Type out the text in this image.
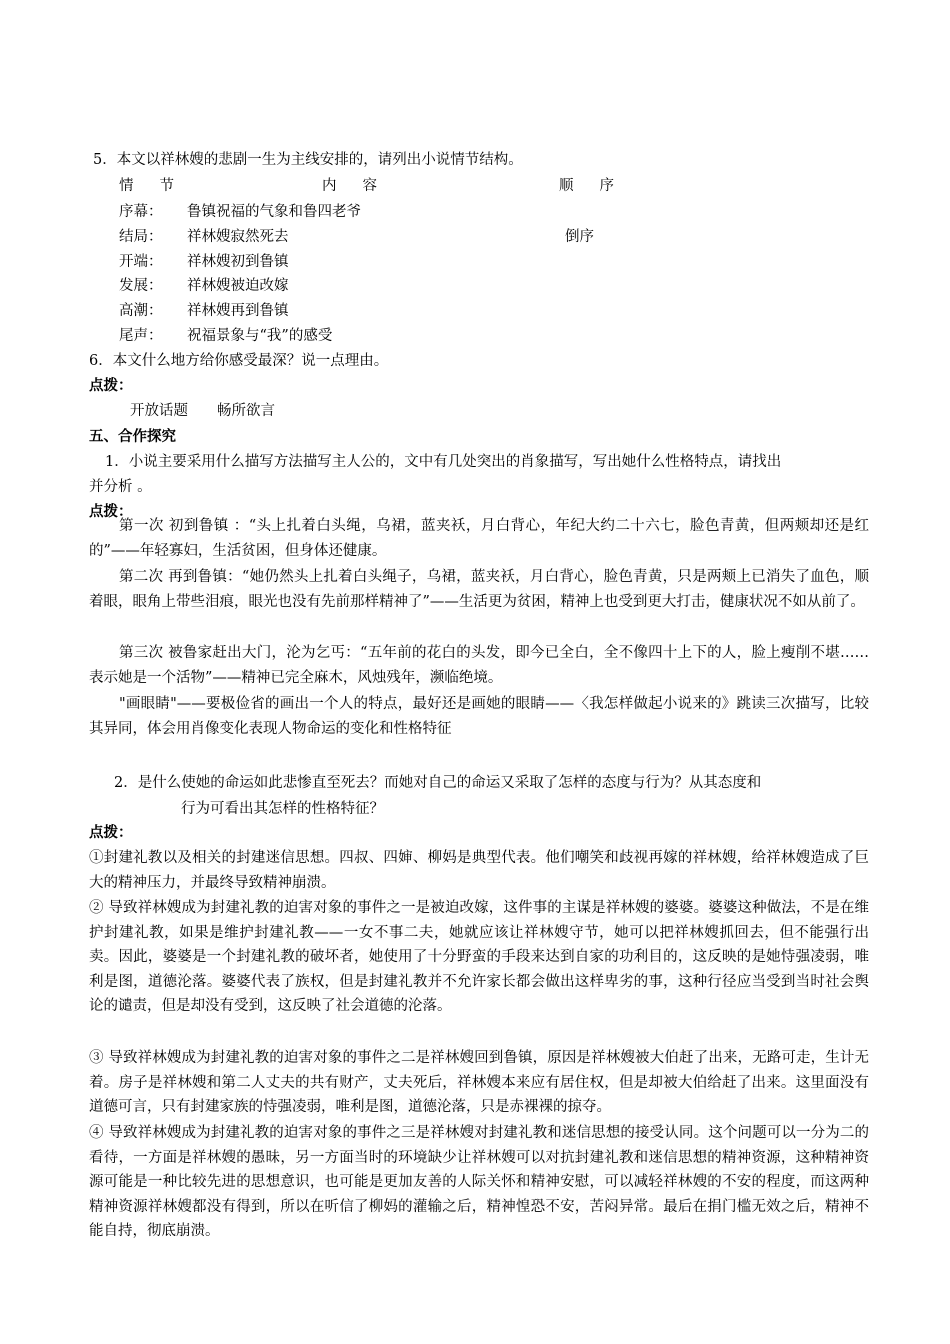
5．本文以祥林嫂的悲剧一生为主线安排的，请列出小说情节结构。
情节	内容	顺序
序幕： 鲁镇祝福的气象和鲁四老爷
结局： 祥林嫂寂然死去	倒序
开端： 祥林嫂初到鲁镇
发展： 祥林嫂被迫改嫁
高潮： 祥林嫂再到鲁镇
尾声： 祝福景象与“我”的感受
6．本文什么地方给你感受最深？说一点理由。
点拨：
开放话题　　畅所欲言
五、合作探究
1．小说主要采用什么描写方法描写主人公的，文中有几处突出的肖象描写，写出她什么性格特点，请找出
并分析 。
点拨：
第一次 初到鲁镇 ：“头上扎着白头绳，乌裙，蓝夹袄，月白背心，年纪大约二十六七，脸色青黄，但两颊却还是红的”——年轻寡妇，生活贫困，但身体还健康。
第二次 再到鲁镇：“她仍然头上扎着白头绳子，乌裙，蓝夹袄，月白背心，脸色青黄，只是两颊上已消失了血色，顺着眼，眼角上带些泪痕，眼光也没有先前那样精神了”——生活更为贫困，精神上也受到更大打击，健康状况不如从前了。
第三次 被鲁家赶出大门，沦为乞丐：“五年前的花白的头发，即今已全白，全不像四十上下的人，脸上瘦削不堪……表示她是一个活物”——精神已完全麻木，风烛残年，濒临绝境。
"画眼睛"——要极俭省的画出一个人的特点，最好还是画她的眼睛——〈我怎样做起小说来的》跳读三次描写，比较其异同，体会用肖像变化表现人物命运的变化和性格特征
2．是什么使她的命运如此悲惨直至死去？而她对自己的命运又采取了怎样的态度与行为？从其态度和
行为可看出其怎样的性格特征？
点拨：
①封建礼教以及相关的封建迷信思想。四叔、四婶、柳妈是典型代表。他们嘲笑和歧视再嫁的祥林嫂，给祥林嫂造成了巨大的精神压力，并最终导致精神崩溃。
② 导致祥林嫂成为封建礼教的迫害对象的事件之一是被迫改嫁，这件事的主谋是祥林嫂的婆婆。婆婆这种做法，不是在维护封建礼教，如果是维护封建礼教——一女不事二夫，她就应该让祥林嫂守节，她可以把祥林嫂抓回去，但不能强行出卖。因此，婆婆是一个封建礼教的破坏者，她使用了十分野蛮的手段来达到自家的功利目的，这反映的是她恃强凌弱，唯利是图，道德沦落。婆婆代表了族权，但是封建礼教并不允许家长都会做出这样卑劣的事，这种行径应当受到当时社会舆论的谴责，但是却没有受到，这反映了社会道德的沦落。
③ 导致祥林嫂成为封建礼教的迫害对象的事件之二是祥林嫂回到鲁镇，原因是祥林嫂被大伯赶了出来，无路可走，生计无着。房子是祥林嫂和第二人丈夫的共有财产，丈夫死后，祥林嫂本来应有居住权，但是却被大伯给赶了出来。这里面没有道德可言，只有封建家族的恃强凌弱，唯利是图，道德沦落，只是赤裸裸的掠夺。
④ 导致祥林嫂成为封建礼教的迫害对象的事件之三是祥林嫂对封建礼教和迷信思想的接受认同。这个问题可以一分为二的看待，一方面是祥林嫂的愚昧，另一方面当时的环境缺少让祥林嫂可以对抗封建礼教和迷信思想的精神资源，这种精神资源可能是一种比较先进的思想意识，也可能是更加友善的人际关怀和精神安慰，可以减轻祥林嫂的不安的程度，而这两种精神资源祥林嫂都没有得到，所以在听信了柳妈的灌输之后，精神惶恐不安，苦闷异常。最后在捐门槛无效之后，精神不能自持，彻底崩溃。
